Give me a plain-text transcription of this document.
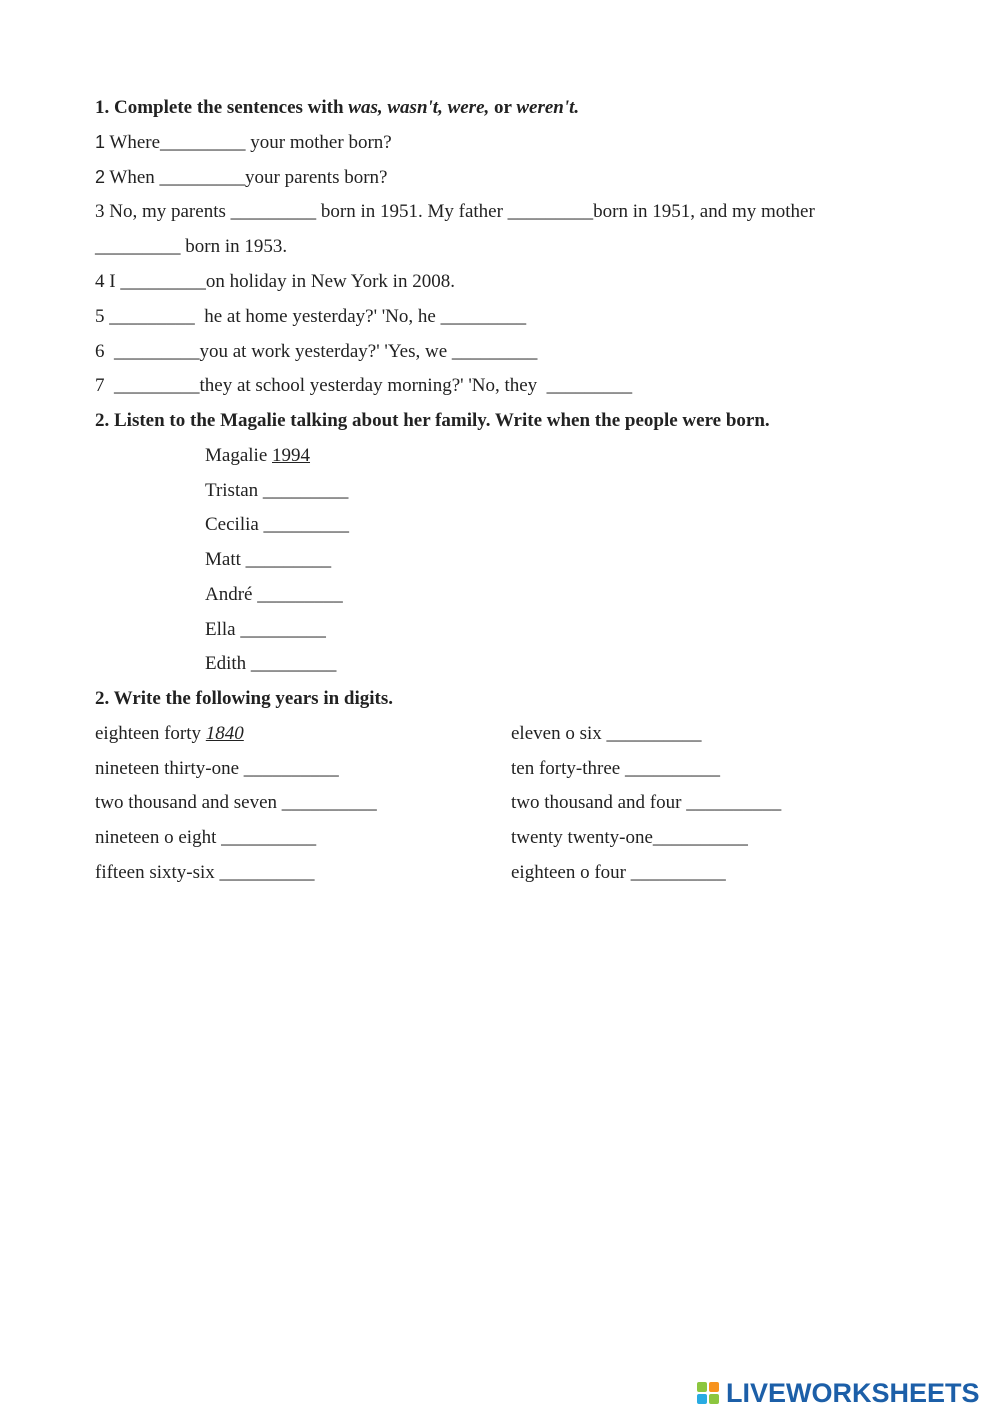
1. Complete the sentences with was, wasn't, were, or weren't.
1 Where_________ your mother born?
2 When _________your parents born?
3 No, my parents _________ born in 1951. My father _________born in 1951, and my mother
_________ born in 1953.
4 I _________on holiday in New York in 2008.
5 _________  he at home yesterday?' 'No, he _________
6  _________you at work yesterday?' 'Yes, we _________
7  _________they at school yesterday morning?' 'No, they  _________
2. Listen to the Magalie talking about her family. Write when the people were born.
Magalie 1994
Tristan _________
Cecilia _________
Matt _________
André _________
Ella _________
Edith _________
2. Write the following years in digits.
eighteen forty 1840
nineteen thirty-one __________
two thousand and seven __________
nineteen o eight __________
fifteen sixty-six __________
eleven o six __________
ten forty-three __________
two thousand and four __________
twenty twenty-one__________
eighteen o four __________
LIVEWORKSHEETS
